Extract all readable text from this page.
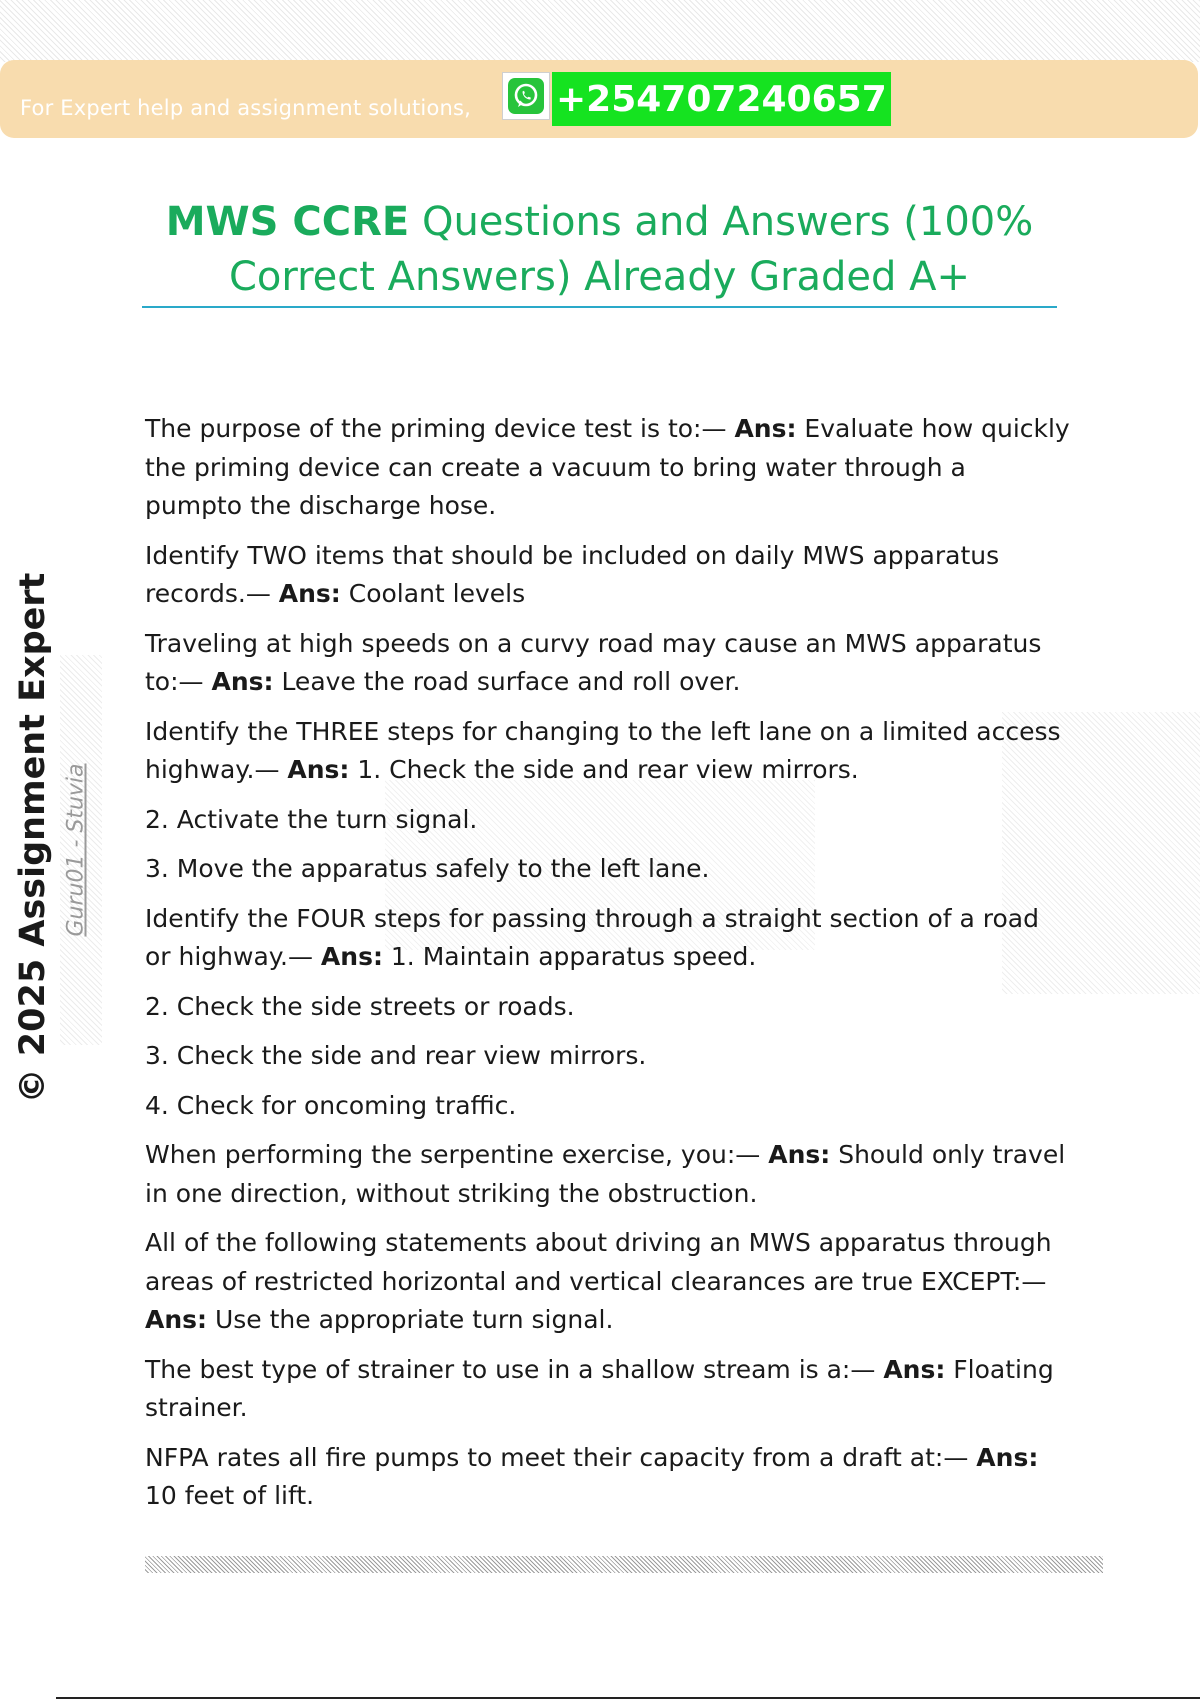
For Expert help and assignment solutions, +254707240657
MWS CCRE Questions and Answers (100% Correct Answers) Already Graded A+
© 2025 Assignment Expert Guru01 - Stuvia
The purpose of the priming device test is to:— Ans: Evaluate how quickly the priming device can create a vacuum to bring water through a pumpto the discharge hose.
Identify TWO items that should be included on daily MWS apparatus records.— Ans: Coolant levels
Traveling at high speeds on a curvy road may cause an MWS apparatus to:— Ans: Leave the road surface and roll over.
Identify the THREE steps for changing to the left lane on a limited access highway.— Ans: 1. Check the side and rear view mirrors.
2. Activate the turn signal.
3. Move the apparatus safely to the left lane.
Identify the FOUR steps for passing through a straight section of a road or highway.— Ans: 1. Maintain apparatus speed.
2. Check the side streets or roads.
3. Check the side and rear view mirrors.
4. Check for oncoming traffic.
When performing the serpentine exercise, you:— Ans: Should only travel in one direction, without striking the obstruction.
All of the following statements about driving an MWS apparatus through areas of restricted horizontal and vertical clearances are true EXCEPT:— Ans: Use the appropriate turn signal.
The best type of strainer to use in a shallow stream is a:— Ans: Floating strainer.
NFPA rates all fire pumps to meet their capacity from a draft at:— Ans: 10 feet of lift.
